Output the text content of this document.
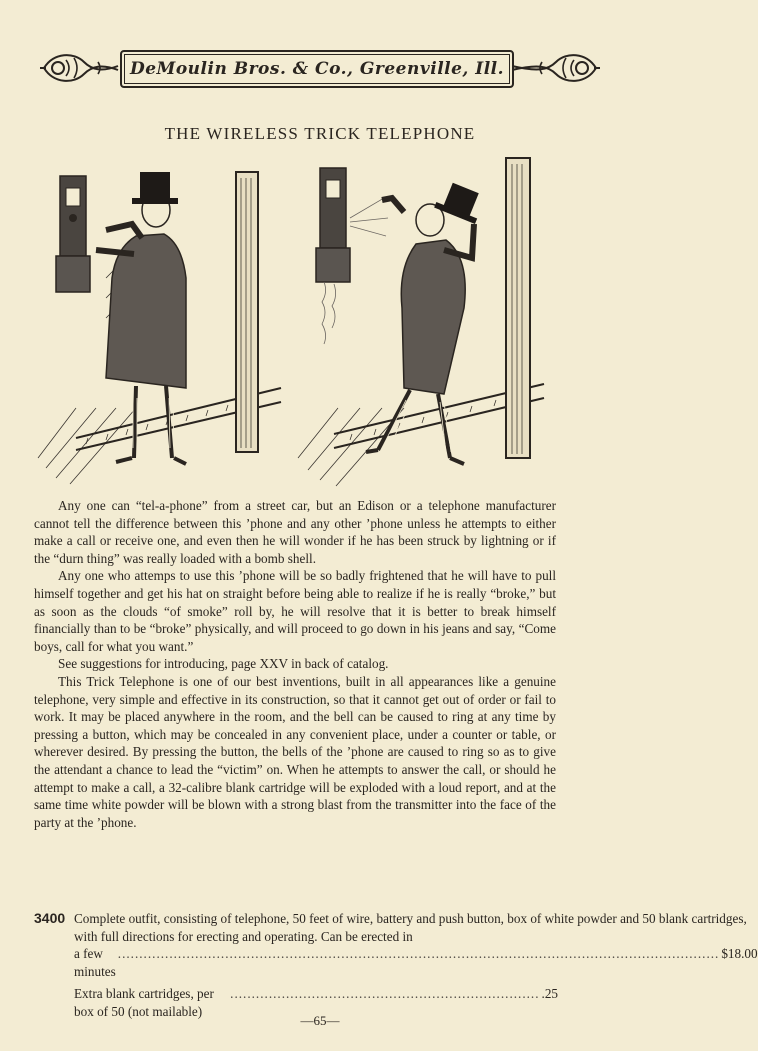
DeMoulin Bros. & Co., Greenville, Ill.
THE WIRELESS TRICK TELEPHONE

Any one can “tel-a-phone” from a street car, but an Edison or a telephone manufacturer cannot tell the difference between this ’phone and any other ’phone unless he attempts to either make a call or receive one, and even then he will wonder if he has been struck by lightning or if the “durn thing” was really loaded with a bomb shell.

Any one who attemps to use this ’phone will be so badly frightened that he will have to pull himself together and get his hat on straight before being able to realize if he is really “broke,” but as soon as the clouds “of smoke” roll by, he will resolve that it is better to break himself financially than to be “broke” physically, and will proceed to go down in his jeans and say, “Come boys, call for what you want.”

See suggestions for introducing, page XXV in back of catalog.

This Trick Telephone is one of our best inventions, built in all appearances like a genuine telephone, very simple and effective in its construction, so that it cannot get out of order or fail to work. It may be placed anywhere in the room, and the bell can be caused to ring at any time by pressing a button, which may be concealed in any convenient place, under a counter or table, or wherever desired. By pressing the button, the bells of the ’phone are caused to ring so as to give the attendant a chance to lead the “victim” on. When he attempts to answer the call, or should he attempt to make a call, a 32-calibre blank cartridge will be exploded with a loud report, and at the same time white powder will be blown with a strong blast from the transmitter into the face of the party at the ’phone.

3400 Complete outfit, consisting of telephone, 50 feet of wire, battery and push button, box of white powder and 50 blank cartridges, with full directions for erecting and operating. Can be erected in
a few minutes
............................................................................................................................................ $18.00
Extra blank cartridges, per box of 50 (not mailable)
........................................................................ .25
—65—
